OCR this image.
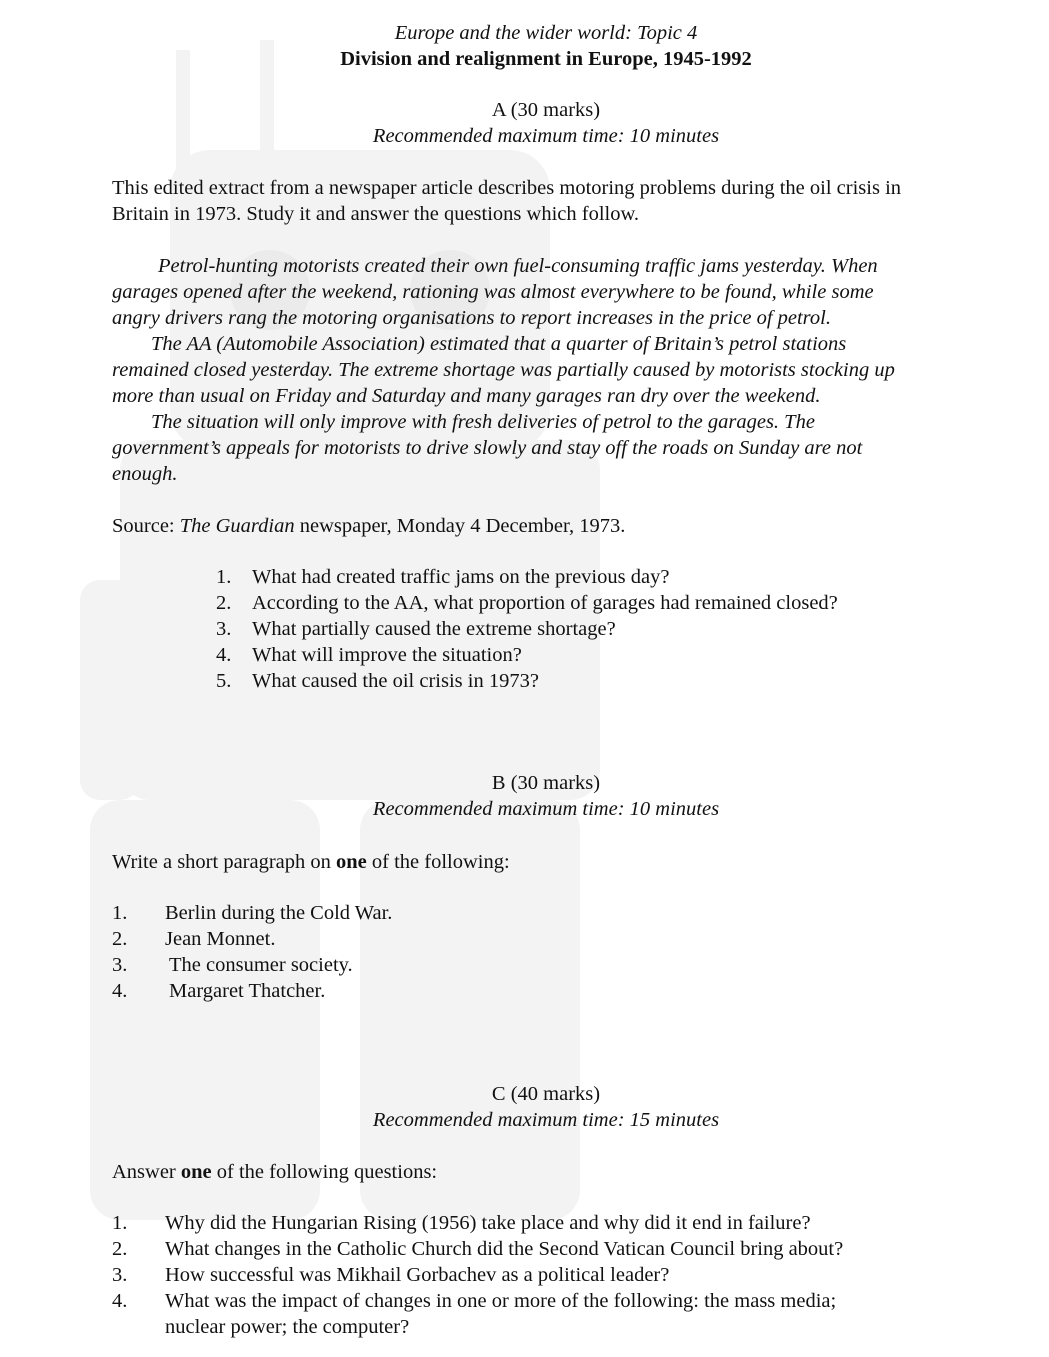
Europe and the wider world: Topic 4
Division and realignment in Europe, 1945-1992
A (30 marks)
Recommended maximum time: 10 minutes
This edited extract from a newspaper article describes motoring problems during the oil crisis in
Britain in 1973. Study it and answer the questions which follow.
Petrol-hunting motorists created their own fuel-consuming traffic jams yesterday. When
garages opened after the weekend, rationing was almost everywhere to be found, while some
angry drivers rang the motoring organisations to report increases in the price of petrol.
The AA (Automobile Association) estimated that a quarter of Britain’s petrol stations
remained closed yesterday. The extreme shortage was partially caused by motorists stocking up
more than usual on Friday and Saturday and many garages ran dry over the weekend.
The situation will only improve with fresh deliveries of petrol to the garages. The
government’s appeals for motorists to drive slowly and stay off the roads on Sunday are not
enough.
Source: The Guardian newspaper, Monday 4 December, 1973.
1. What had created traffic jams on the previous day?
2. According to the AA, what proportion of garages had remained closed?
3. What partially caused the extreme shortage?
4. What will improve the situation?
5. What caused the oil crisis in 1973?
B (30 marks)
Recommended maximum time: 10 minutes
Write a short paragraph on one of the following:
1. Berlin during the Cold War.
2. Jean Monnet.
3. The consumer society.
4. Margaret Thatcher.
C (40 marks)
Recommended maximum time: 15 minutes
Answer one of the following questions:
1. Why did the Hungarian Rising (1956) take place and why did it end in failure?
2. What changes in the Catholic Church did the Second Vatican Council bring about?
3. How successful was Mikhail Gorbachev as a political leader?
4. What was the impact of changes in one or more of the following: the mass media;
nuclear power; the computer?
